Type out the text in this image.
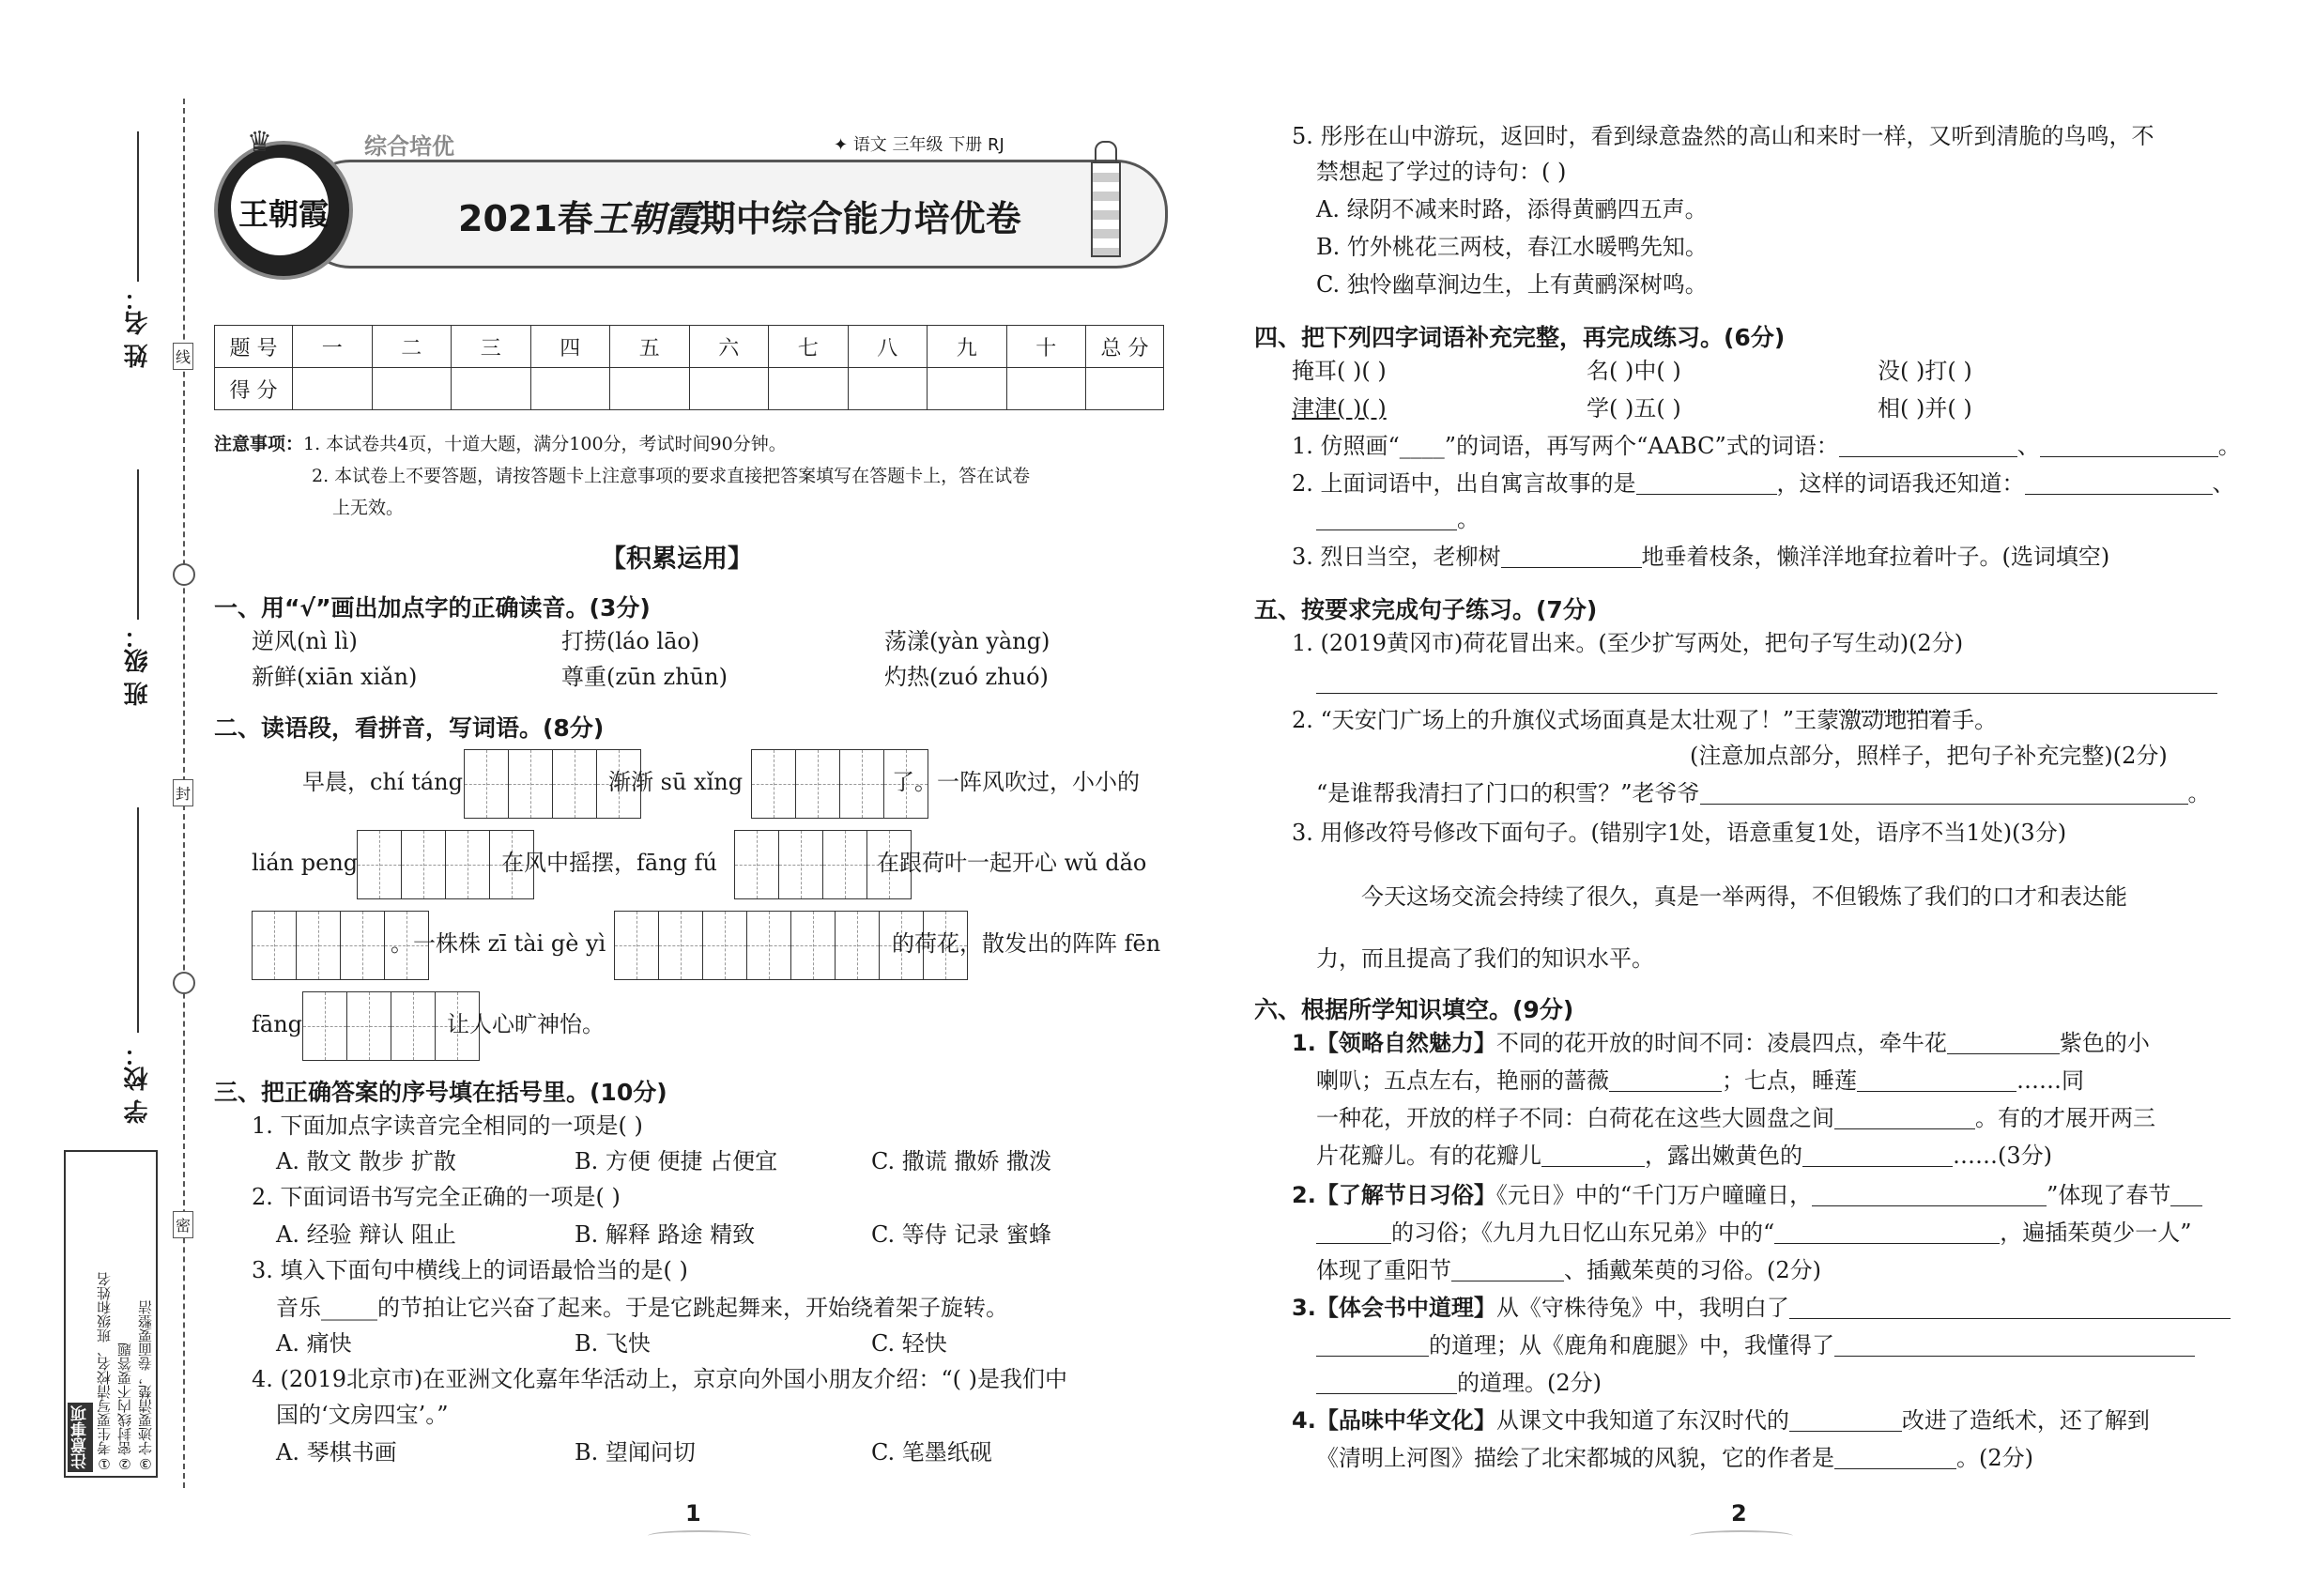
线
封
密
姓 名：
班 级：
学 校：
注意事项 ①考生要写清校名、班级和姓名 ②密封线内不要答题 ③字迹要清楚，卷面要整洁
♛
王朝霞
综合培优	✦ 语文 三年级 下册 RJ
2021春王朝霞期中综合能力培优卷
题 号	一	二	三	四	五	六	七	八	九	十	总 分
得 分											
注意事项：1. 本试卷共4页，十道大题，满分100分，考试时间90分钟。
2. 本试卷上不要答题，请按答题卡上注意事项的要求直接把答案填写在答题卡上，答在试卷
上无效。
【积累运用】
一、用“√”画出加点字的正确读音。(3分)
逆风(nì lì)	打捞(láo lāo)	荡漾(yàn yàng)
新鲜(xiān xiǎn)	尊重(zūn zhūn)	灼热(zuó zhuó)
二、读语段，看拼音，写词语。(8分)
早晨，chí táng	渐渐 sū xǐng	了。一阵风吹过，小小的
lián peng	在风中摇摆，fāng fú	在跟荷叶一起开心 wǔ dǎo
。一株株 zī tài gè yì	的荷花，散发出的阵阵 fēn
fāng	让人心旷神怡。
三、把正确答案的序号填在括号里。(10分)
1. 下面加点字读音完全相同的一项是( )
A. 散文 散步 扩散	B. 方便 便捷 占便宜	C. 撒谎 撒娇 撒泼
2. 下面词语书写完全正确的一项是( )
A. 经验 辩认 阻止	B. 解释 路途 精致	C. 等侍 记录 蜜蜂
3. 填入下面句中横线上的词语最恰当的是( )
音乐_____的节拍让它兴奋了起来。于是它跳起舞来，开始绕着架子旋转。
A. 痛快	B. 飞快	C. 轻快
4. (2019北京市)在亚洲文化嘉年华活动上，京京向外国小朋友介绍：“( )是我们中
国的‘文房四宝’。”
A. 琴棋书画	B. 望闻问切	C. 笔墨纸砚
1
5. 彤彤在山中游玩，返回时，看到绿意盎然的高山和来时一样，又听到清脆的鸟鸣，不
禁想起了学过的诗句：( )
A. 绿阴不减来时路，添得黄鹂四五声。
B. 竹外桃花三两枝，春江水暖鸭先知。
C. 独怜幽草涧边生，上有黄鹂深树鸣。
四、把下列四字词语补充完整，再完成练习。(6分)
掩耳( )( )	名( )中( )	没( )打( )
津津( )( )	学( )五( )	相( )并( )
1. 仿照画“____”的词语，再写两个“AABC”式的词语：	、	。
2. 上面词语中，出自寓言故事的是	，这样的词语我还知道：	、
。
3. 烈日当空，老柳树	地垂着枝条，懒洋洋地耷拉着叶子。(选词填空)
五、按要求完成句子练习。(7分)
1. (2019黄冈市)荷花冒出来。(至少扩写两处，把句子写生动)(2分)
2. “天安门广场上的升旗仪式场面真是太壮观了！”王蒙激动地拍着手。
(注意加点部分，照样子，把句子补充完整)(2分)
“是谁帮我清扫了门口的积雪？”老爷爷	。
3. 用修改符号修改下面句子。(错别字1处，语意重复1处，语序不当1处)(3分)
今天这场交流会持续了很久，真是一举两得，不但锻炼了我们的口才和表达能
力，而且提高了我们的知识水平。
六、根据所学知识填空。(9分)
1.【领略自然魅力】不同的花开放的时间不同：凌晨四点，牵牛花	紫色的小
喇叭；五点左右，艳丽的蔷薇	；七点，睡莲	……同
一种花，开放的样子不同：白荷花在这些大圆盘之间	。有的才展开两三
片花瓣儿。有的花瓣儿	，露出嫩黄色的	……(3分)
2.【了解节日习俗】《元日》中的“千门万户曈曈日，	”体现了春节
的习俗；《九月九日忆山东兄弟》中的“	，遍插茱萸少一人”
体现了重阳节	、插戴茱萸的习俗。(2分)
3.【体会书中道理】从《守株待兔》中，我明白了
的道理；从《鹿角和鹿腿》中，我懂得了
的道理。(2分)
4.【品味中华文化】从课文中我知道了东汉时代的	改进了造纸术，还了解到
《清明上河图》描绘了北宋都城的风貌，它的作者是	。(2分)
2
